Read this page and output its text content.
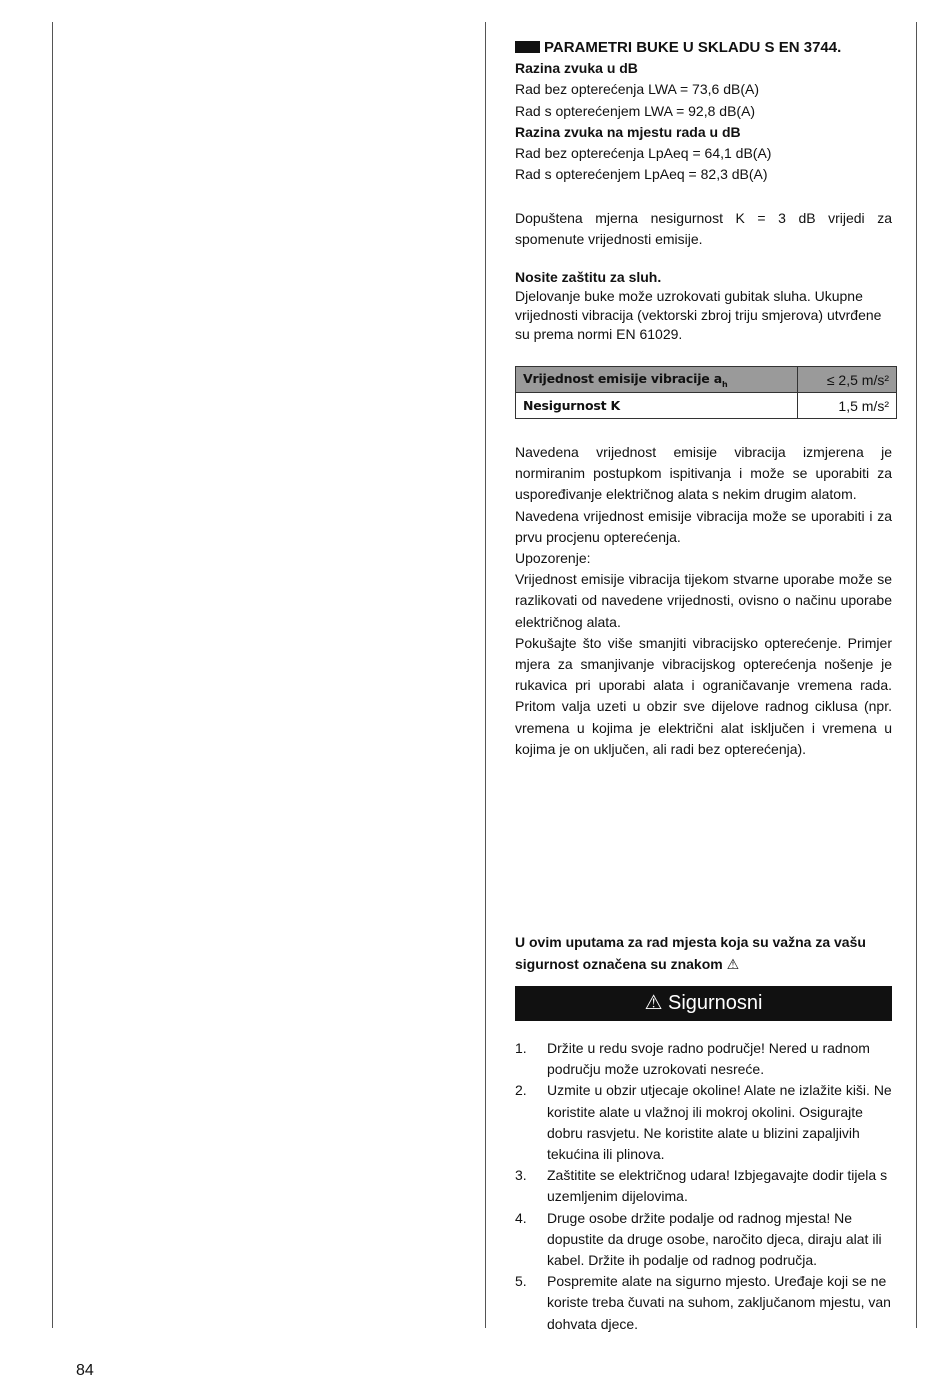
PARAMETRI BUKE U SKLADU S EN 3744.
Razina zvuka u dB
Rad bez opterećenja LWA = 73,6 dB(A)
Rad s opterećenjem LWA = 92,8 dB(A)
Razina zvuka na mjestu rada u dB
Rad bez opterećenja LpAeq = 64,1 dB(A)
Rad s opterećenjem LpAeq = 82,3 dB(A)
Dopuštena mjerna nesigurnost K = 3 dB vrijedi za spomenute vrijednosti emisije.
Nosite zaštitu za sluh.
Djelovanje buke može uzrokovati gubitak sluha. Ukupne vrijednosti vibracija (vektorski zbroj triju smjerova) utvrđene su prema normi EN 61029.
Vrijednost emisije vibracije $a_h$	≤ 2,5 m/s²
Nesigurnost K	1,5 m/s²
Navedena vrijednost emisije vibracija izmjerena je normiranim postupkom ispitivanja i može se uporabiti za uspoređivanje električnog alata s nekim drugim alatom.
Navedena vrijednost emisije vibracija može se uporabiti i za prvu procjenu opterećenja.
Upozorenje:
Vrijednost emisije vibracija tijekom stvarne uporabe može se razlikovati od navedene vrijednosti, ovisno o načinu uporabe električnog alata.
Pokušajte što više smanjiti vibracijsko opterećenje. Primjer mjera za smanjivanje vibracijskog opterećenja nošenje je rukavica pri uporabi alata i ograničavanje vremena rada. Pritom valja uzeti u obzir sve dijelove radnog ciklusa (npr. vremena u kojima je električni alat isključen i vremena u kojima je on uključen, ali radi bez opterećenja).
U ovim uputama za rad mjesta koja su važna za vašu sigurnost označena su znakom ⚠
⚠ Sigurnosni
1. Držite u redu svoje radno područje! Nered u radnom području može uzrokovati nesreće.
2. Uzmite u obzir utjecaje okoline! Alate ne izlažite kiši. Ne koristite alate u vlažnoj ili mokroj okolini. Osigurajte dobru rasvjetu. Ne koristite alate u blizini zapaljivih tekućina ili plinova.
3. Zaštitite se električnog udara! Izbjegavajte dodir tijela s uzemljenim dijelovima.
4. Druge osobe držite podalje od radnog mjesta! Ne dopustite da druge osobe, naročito djeca, diraju alat ili kabel. Držite ih podalje od radnog područja.
5. Pospremite alate na sigurno mjesto. Uređaje koji se ne koriste treba čuvati na suhom, zaključanom mjestu, van dohvata djece.
84
